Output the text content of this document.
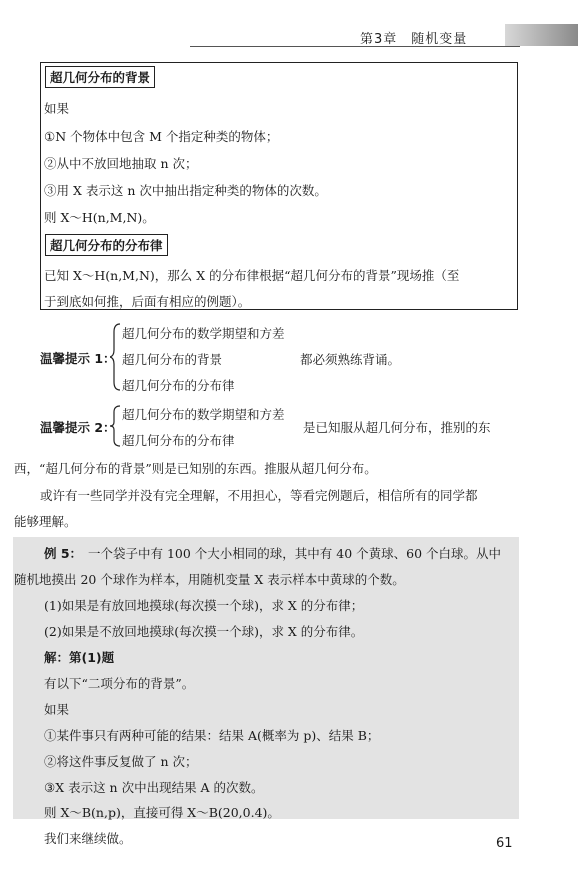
第3章　随机变量
超几何分布的背景
如果
①N 个物体中包含 M 个指定种类的物体；
②从中不放回地抽取 n 次；
③用 X 表示这 n 次中抽出指定种类的物体的次数。
则 X～H(n,M,N)。
超几何分布的分布律
已知 X～H(n,M,N)，那么 X 的分布律根据“超几何分布的背景”现场推（至
于到底如何推，后面有相应的例题）。
温馨提示 1：
超几何分布的数学期望和方差
超几何分布的背景
超几何分布的分布律
都必须熟练背诵。
温馨提示 2：
超几何分布的数学期望和方差
超几何分布的分布律
是已知服从超几何分布，推别的东
西，“超几何分布的背景”则是已知别的东西。推服从超几何分布。
或许有一些同学并没有完全理解，不用担心，等看完例题后，相信所有的同学都
能够理解。
例 5： 一个袋子中有 100 个大小相同的球，其中有 40 个黄球、60 个白球。从中
随机地摸出 20 个球作为样本，用随机变量 X 表示样本中黄球的个数。
(1)如果是有放回地摸球(每次摸一个球)，求 X 的分布律；
(2)如果是不放回地摸球(每次摸一个球)，求 X 的分布律。
解：第(1)题
有以下“二项分布的背景”。
如果
①某件事只有两种可能的结果：结果 A(概率为 p)、结果 B；
②将这件事反复做了 n 次；
③X 表示这 n 次中出现结果 A 的次数。
则 X～B(n,p)，直接可得 X～B(20,0.4)。
我们来继续做。	61
